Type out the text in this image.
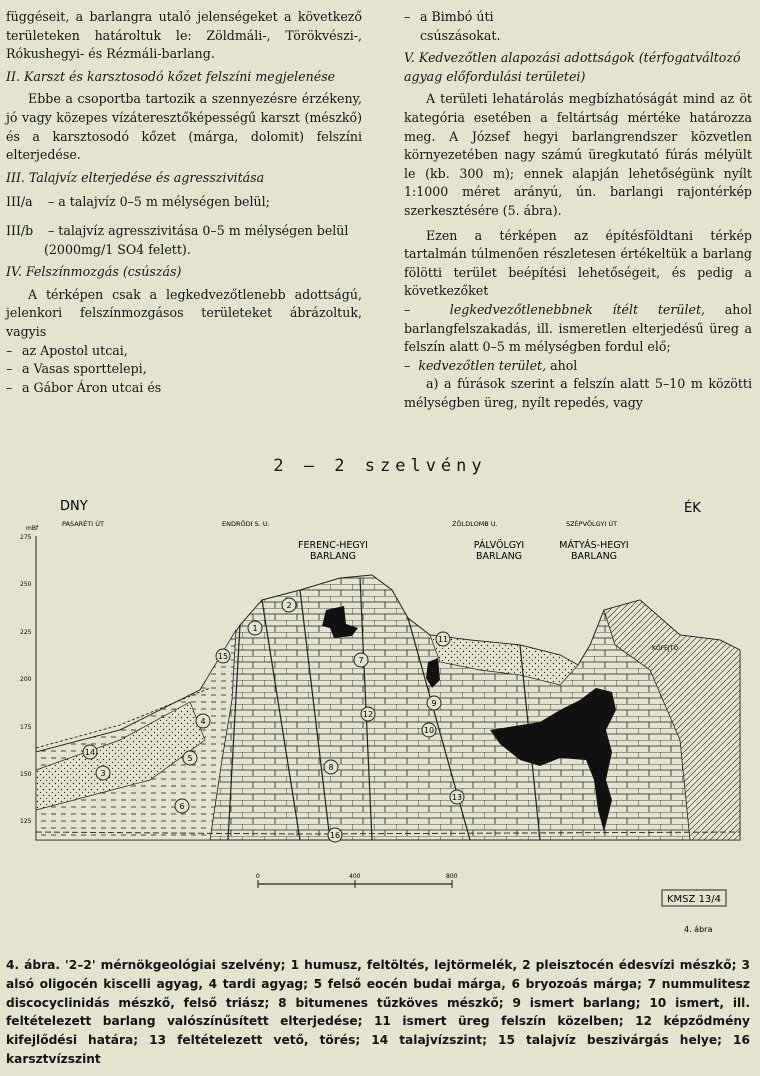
függéseit, a barlangra utaló jelenségeket a következő területeken határoltuk le: Zöldmáli-, Törökvészi-, Rókushegyi- és Rézmáli-barlang.

II. Karszt és karsztosodó kőzet felszíni megjelenése

Ebbe a csoportba tartozik a szennyezésre érzékeny, jó vagy közepes vízáteresztőképességű karszt (mészkő) és a karsztosodó kőzet (márga, dolomit) felszíni elterjedése.

III. Talajvíz elterjedése és agresszivitása

III/a	– a talajvíz 0–5 m mélységen belül;
III/b	– talajvíz agresszivitása 0–5 m mélységen belül

(2000mg/1 SO4 felett).

IV. Felszínmozgás (csúszás)

A térképen csak a legkedvezőtlenebb adottságú, jelenkori felszínmozgásos területeket ábrázoltuk, vagyis

– az Apostol utcai,
– a Vasas sporttelepi,
– a Gábor Áron utcai és
– a Bimbó úti

csúszásokat.

V. Kedvezőtlen alapozási adottságok (térfogatváltozó agyag előfordulási területei)

A területi lehatárolás megbízhatóságát mind az öt kategória esetében a feltártság mértéke határozza meg. A József hegyi barlangrendszer közvetlen környezetében nagy számú üregkutató fúrás mélyült le (kb. 300 m); ennek alapján lehetőségünk nyílt 1:1000 méret arányú, ún. barlangi rajontérkép szerkesztésére (5. ábra).

Ezen a térképen az építésföldtani térkép tartalmán túlmenően részletesen értékeltük a barlang fölötti terület beépítési lehetőségeit, és pedig a következőket

–  legkedvezőtlenebbnek ítélt terület, ahol barlangfelszakadás, ill. ismeretlen elterjedésű üreg a felszín alatt 0–5 m mélységben fordul elő;

–  kedvezőtlen terület, ahol

a) a fúrások szerint a felszín alatt 5–10 m közötti mélységben üreg, nyílt repedés, vagy

2 – 2 szelvény
DNY	ÉK
mBf
275
250
225
200
175
150
125
PASARÉTI ÚT	ENDRŐDI S. U.	ZÖLDLOMB U.	SZÉPVÖLGYI ÚT
FERENC-HEGYI
BARLANG
PÁLVÖLGYI
BARLANG
MÁTYÁS-HEGYI
BARLANG
KŐFEJTŐ
1
2
3
4
5
6
7
8
9
10
11
12
13
14
15
16
0	400	800
KMSZ 13/4
4. ábra
4. ábra. '2–2' mérnökgeológiai szelvény; 1 humusz, feltöltés, lejtörmelék, 2 pleisztocén édesvízi mészkő; 3 alsó oligocén kiscelli agyag, 4 tardi agyag; 5 felső eocén budai márga, 6 bryozoás márga; 7 nummulitesz discocyclinidás mészkő, felső triász; 8 bitumenes tűzköves mészkő; 9 ismert barlang; 10 ismert, ill. feltételezett barlang valószínűsített elterjedése; 11 ismert üreg felszín közelben; 12 képződmény kifejlődési határa; 13 feltételezett vető, törés; 14 talajvízszint; 15 talajvíz beszivárgás helye; 16 karsztvízszint
